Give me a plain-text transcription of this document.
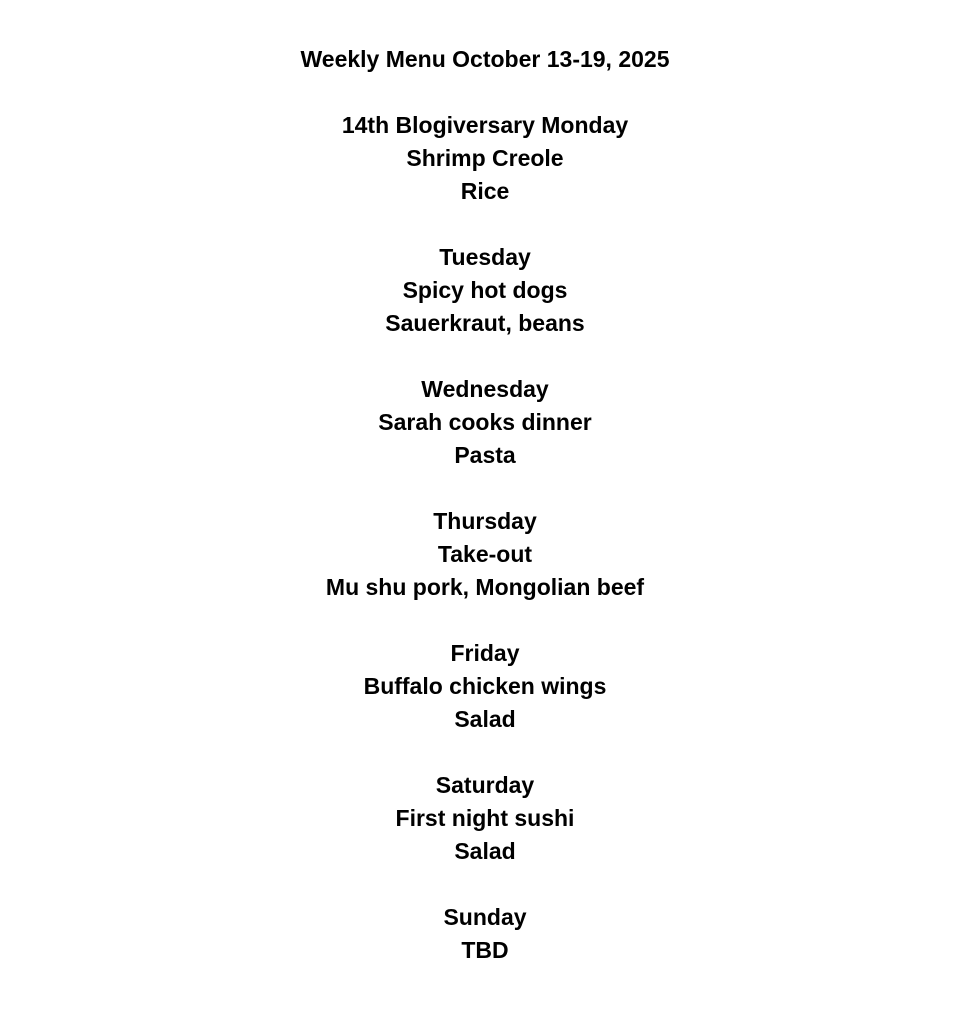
Weekly Menu October 13-19, 2025
14th Blogiversary Monday
Shrimp Creole
Rice
Tuesday
Spicy hot dogs
Sauerkraut, beans
Wednesday
Sarah cooks dinner
Pasta
Thursday
Take-out
Mu shu pork, Mongolian beef
Friday
Buffalo chicken wings
Salad
Saturday
First night sushi
Salad
Sunday
TBD
